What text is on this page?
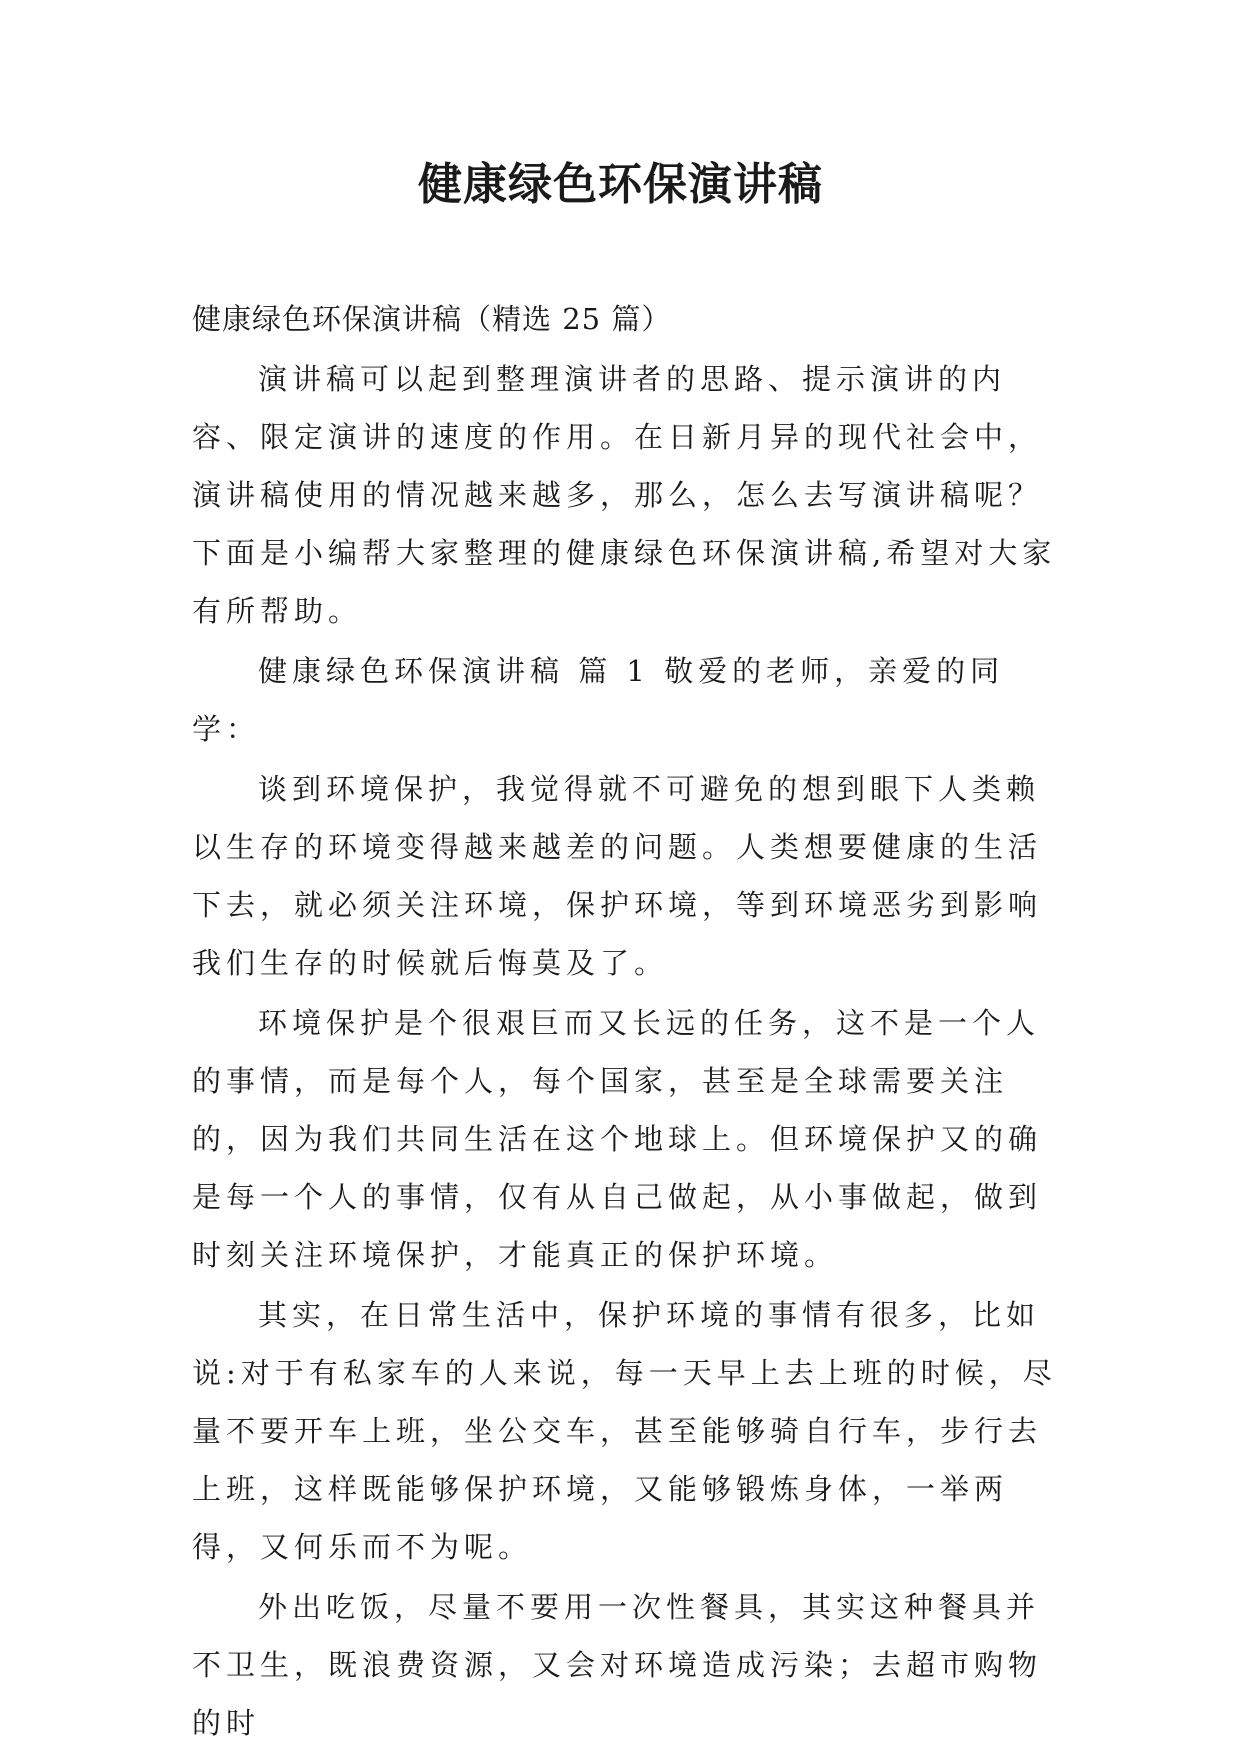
健康绿色环保演讲稿

健康绿色环保演讲稿（精选 25 篇）

演讲稿可以起到整理演讲者的思路、提示演讲的内容、限定演讲的速度的作用。在日新月异的现代社会中，演讲稿使用的情况越来越多，那么，怎么去写演讲稿呢？下面是小编帮大家整理的健康绿色环保演讲稿,希望对大家有所帮助。

健康绿色环保演讲稿 篇 1 敬爱的老师，亲爱的同学：

谈到环境保护，我觉得就不可避免的想到眼下人类赖以生存的环境变得越来越差的问题。人类想要健康的生活下去，就必须关注环境，保护环境，等到环境恶劣到影响我们生存的时候就后悔莫及了。

环境保护是个很艰巨而又长远的任务，这不是一个人的事情，而是每个人，每个国家，甚至是全球需要关注的，因为我们共同生活在这个地球上。但环境保护又的确是每一个人的事情，仅有从自己做起，从小事做起，做到时刻关注环境保护，才能真正的保护环境。

其实，在日常生活中，保护环境的事情有很多，比如说:对于有私家车的人来说，每一天早上去上班的时候，尽量不要开车上班，坐公交车，甚至能够骑自行车，步行去上班，这样既能够保护环境，又能够锻炼身体，一举两得，又何乐而不为呢。

外出吃饭，尽量不要用一次性餐具，其实这种餐具并不卫生，既浪费资源，又会对环境造成污染；去超市购物的时
